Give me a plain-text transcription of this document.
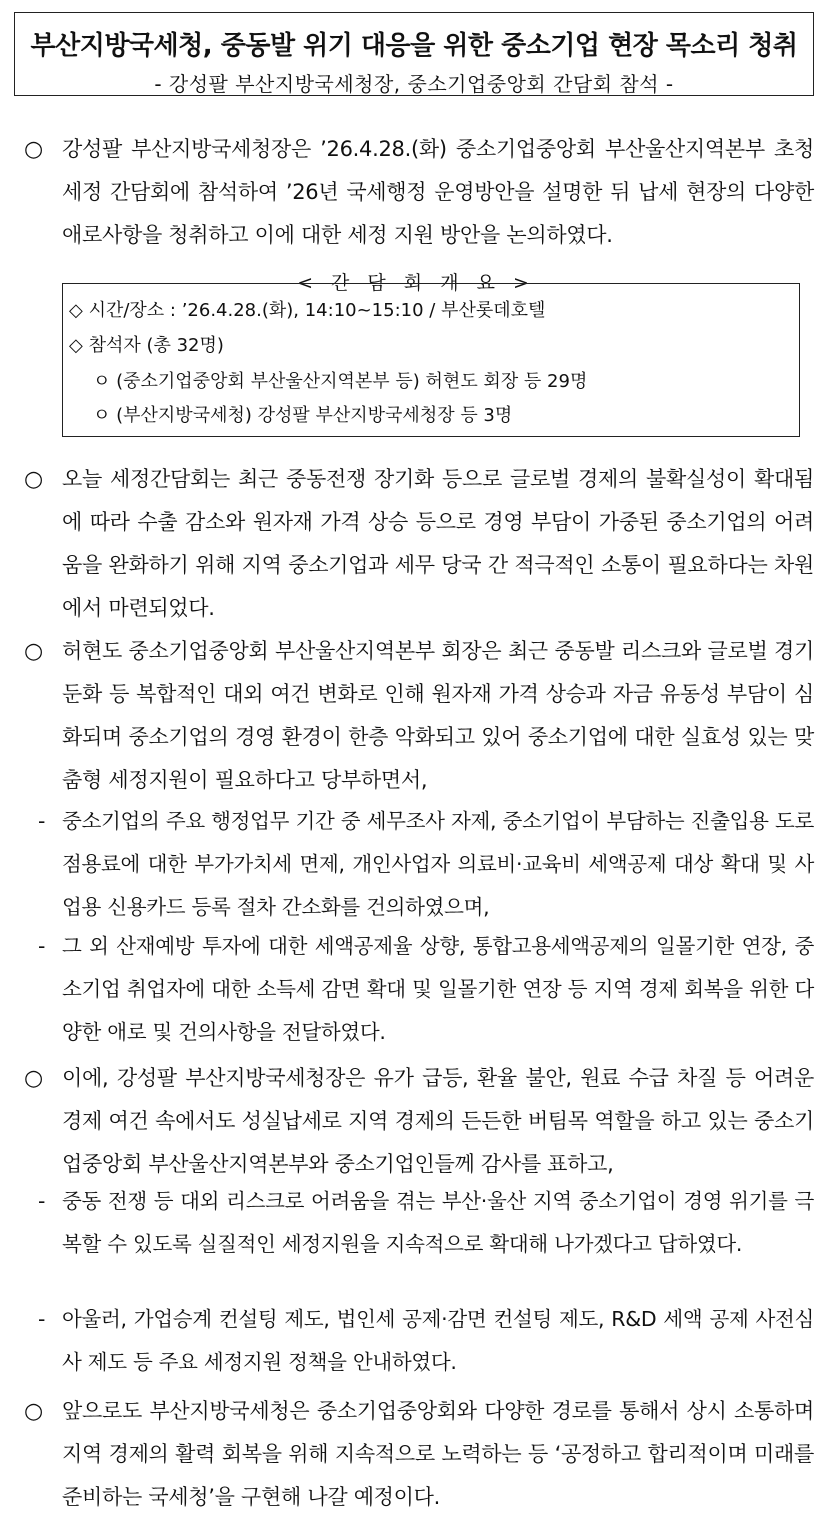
부산지방국세청, 중동발 위기 대응을 위한 중소기업 현장 목소리 청취
- 강성팔 부산지방국세청장, 중소기업중앙회 간담회 참석 -
○ 강성팔 부산지방국세청장은 ’26.4.28.(화) 중소기업중앙회 부산울산지역본부 초청 세정 간담회에 참석하여 ’26년 국세행정 운영방안을 설명한 뒤 납세 현장의 다양한 애로사항을 청취하고 이에 대한 세정 지원 방안을 논의하였다.
< 간 담 회 개 요 >
◇ 시간/장소 : ’26.4.28.(화), 14:10~15:10 / 부산롯데호텔
◇ 참석자 (총 32명)
ㅇ (중소기업중앙회 부산울산지역본부 등) 허현도 회장 등 29명
ㅇ (부산지방국세청) 강성팔 부산지방국세청장 등 3명
○ 오늘 세정간담회는 최근 중동전쟁 장기화 등으로 글로벌 경제의 불확실성이 확대됨에 따라 수출 감소와 원자재 가격 상승 등으로 경영 부담이 가중된 중소기업의 어려움을 완화하기 위해 지역 중소기업과 세무 당국 간 적극적인 소통이 필요하다는 차원에서 마련되었다.
○ 허현도 중소기업중앙회 부산울산지역본부 회장은 최근 중동발 리스크와 글로벌 경기 둔화 등 복합적인 대외 여건 변화로 인해 원자재 가격 상승과 자금 유동성 부담이 심화되며 중소기업의 경영 환경이 한층 악화되고 있어 중소기업에 대한 실효성 있는 맞춤형 세정지원이 필요하다고 당부하면서,
- 중소기업의 주요 행정업무 기간 중 세무조사 자제, 중소기업이 부담하는 진출입용 도로점용료에 대한 부가가치세 면제, 개인사업자 의료비·교육비 세액공제 대상 확대 및 사업용 신용카드 등록 절차 간소화를 건의하였으며,
- 그 외 산재예방 투자에 대한 세액공제율 상향, 통합고용세액공제의 일몰기한 연장, 중소기업 취업자에 대한 소득세 감면 확대 및 일몰기한 연장 등 지역 경제 회복을 위한 다양한 애로 및 건의사항을 전달하였다.
○ 이에, 강성팔 부산지방국세청장은 유가 급등, 환율 불안, 원료 수급 차질 등 어려운 경제 여건 속에서도 성실납세로 지역 경제의 든든한 버팀목 역할을 하고 있는 중소기업중앙회 부산울산지역본부와 중소기업인들께 감사를 표하고,
- 중동 전쟁 등 대외 리스크로 어려움을 겪는 부산·울산 지역 중소기업이 경영 위기를 극복할 수 있도록 실질적인 세정지원을 지속적으로 확대해 나가겠다고 답하였다.
- 아울러, 가업승계 컨설팅 제도, 법인세 공제·감면 컨설팅 제도, R&D 세액 공제 사전심사 제도 등 주요 세정지원 정책을 안내하였다.
○ 앞으로도 부산지방국세청은 중소기업중앙회와 다양한 경로를 통해서 상시 소통하며 지역 경제의 활력 회복을 위해 지속적으로 노력하는 등 ‘공정하고 합리적이며 미래를 준비하는 국세청’을 구현해 나갈 예정이다.
